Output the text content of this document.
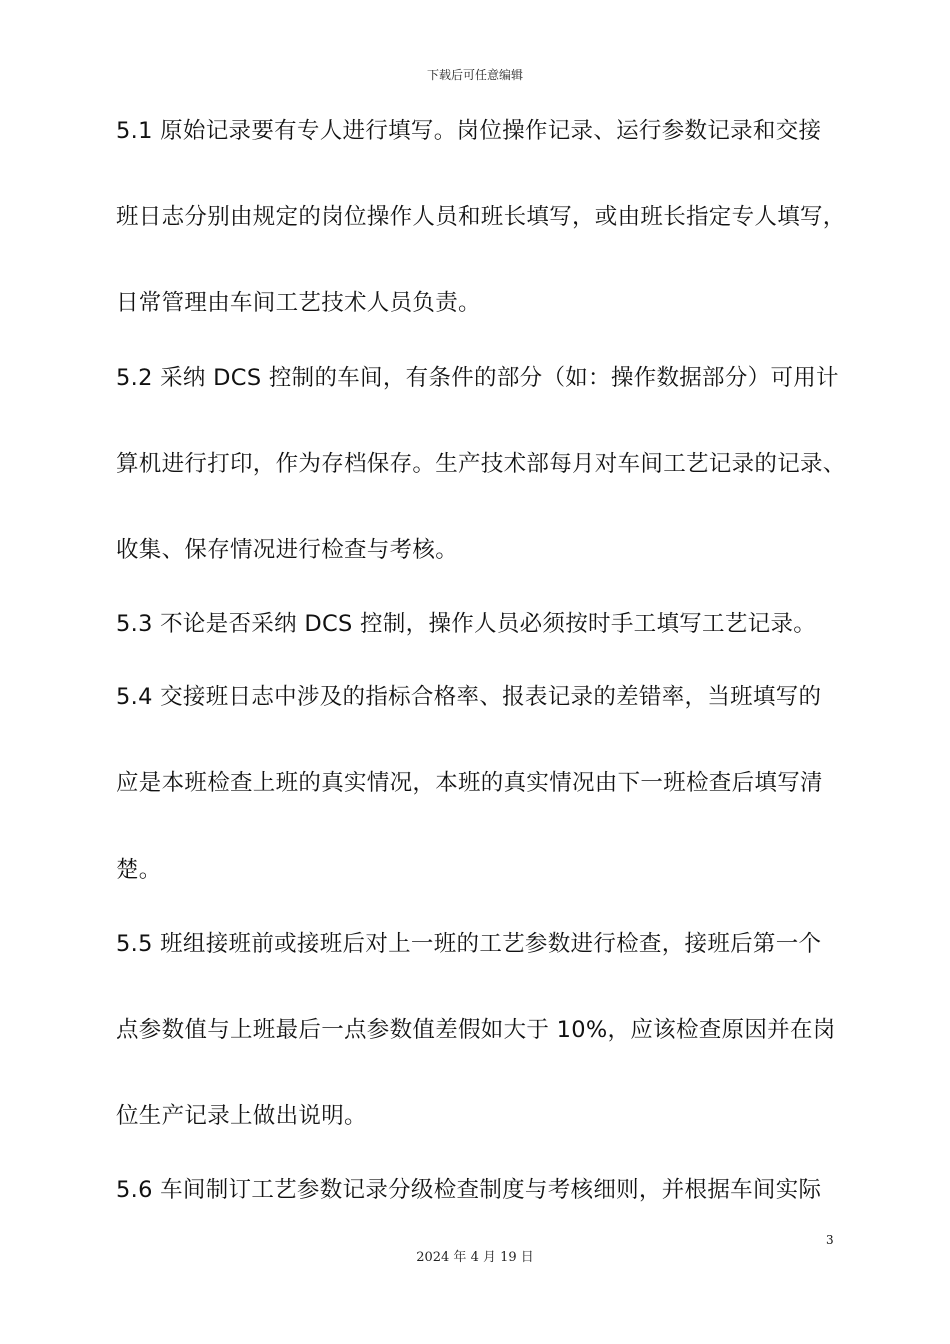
下载后可任意编辑
5.1 原始记录要有专人进行填写。岗位操作记录、运行参数记录和交接
班日志分别由规定的岗位操作人员和班长填写，或由班长指定专人填写，
日常管理由车间工艺技术人员负责。
5.2 采纳 DCS 控制的车间，有条件的部分（如：操作数据部分）可用计
算机进行打印，作为存档保存。生产技术部每月对车间工艺记录的记录、
收集、保存情况进行检查与考核。
5.3 不论是否采纳 DCS 控制，操作人员必须按时手工填写工艺记录。
5.4 交接班日志中涉及的指标合格率、报表记录的差错率，当班填写的
应是本班检查上班的真实情况，本班的真实情况由下一班检查后填写清
楚。
5.5 班组接班前或接班后对上一班的工艺参数进行检查，接班后第一个
点参数值与上班最后一点参数值差假如大于 10%，应该检查原因并在岗
位生产记录上做出说明。
5.6 车间制订工艺参数记录分级检查制度与考核细则，并根据车间实际
3
2024 年 4 月 19 日
